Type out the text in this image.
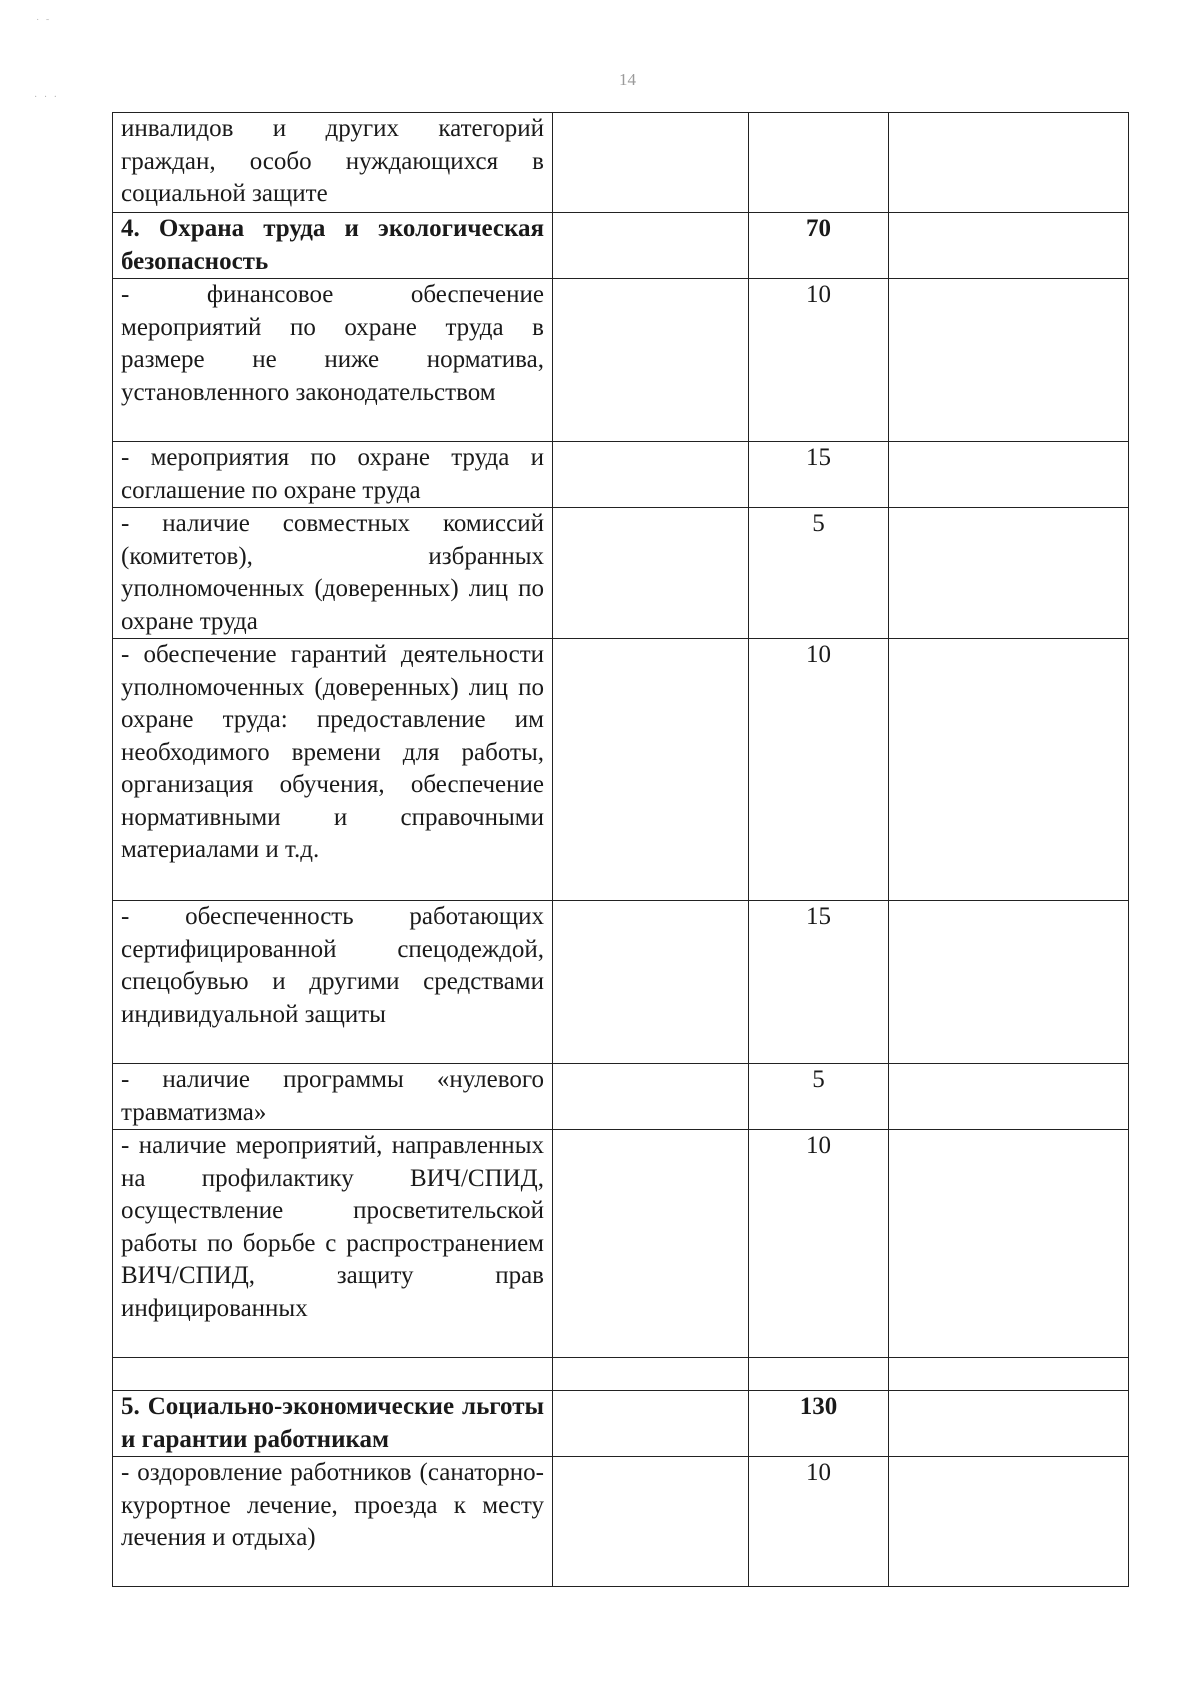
˙ ˜
· · ·
14
инвалидов и других категорий граждан, особо нуждающихся в социальной защите			
4. Охрана труда и экологическая безопасность		70	
- финансовое обеспечение мероприятий по охране труда в размере не ниже норматива, установленного законодательством		10	
- мероприятия по охране труда и соглашение по охране труда		15	
- наличие совместных комиссий (комитетов), избранных уполномоченных (доверенных) лиц по охране труда		5	
- обеспечение гарантий деятельности уполномоченных (доверенных) лиц по охране труда: предоставление им необходимого времени для работы, организация обучения, обеспечение нормативными и справочными материалами и т.д.		10	
- обеспеченность работающих сертифицированной спецодеждой, спецобувью и другими средствами индивидуальной защиты		15	
- наличие программы «нулевого травматизма»		5	
- наличие мероприятий, направленных на профилактику ВИЧ/СПИД, осуществление просветительской работы по борьбе с распространением ВИЧ/СПИД, защиту прав инфицированных		10	

5. Социально-экономические льготы и гарантии работникам		130	
- оздоровление работников (санаторно-курортное лечение, проезда к месту лечения и отдыха)		10	
